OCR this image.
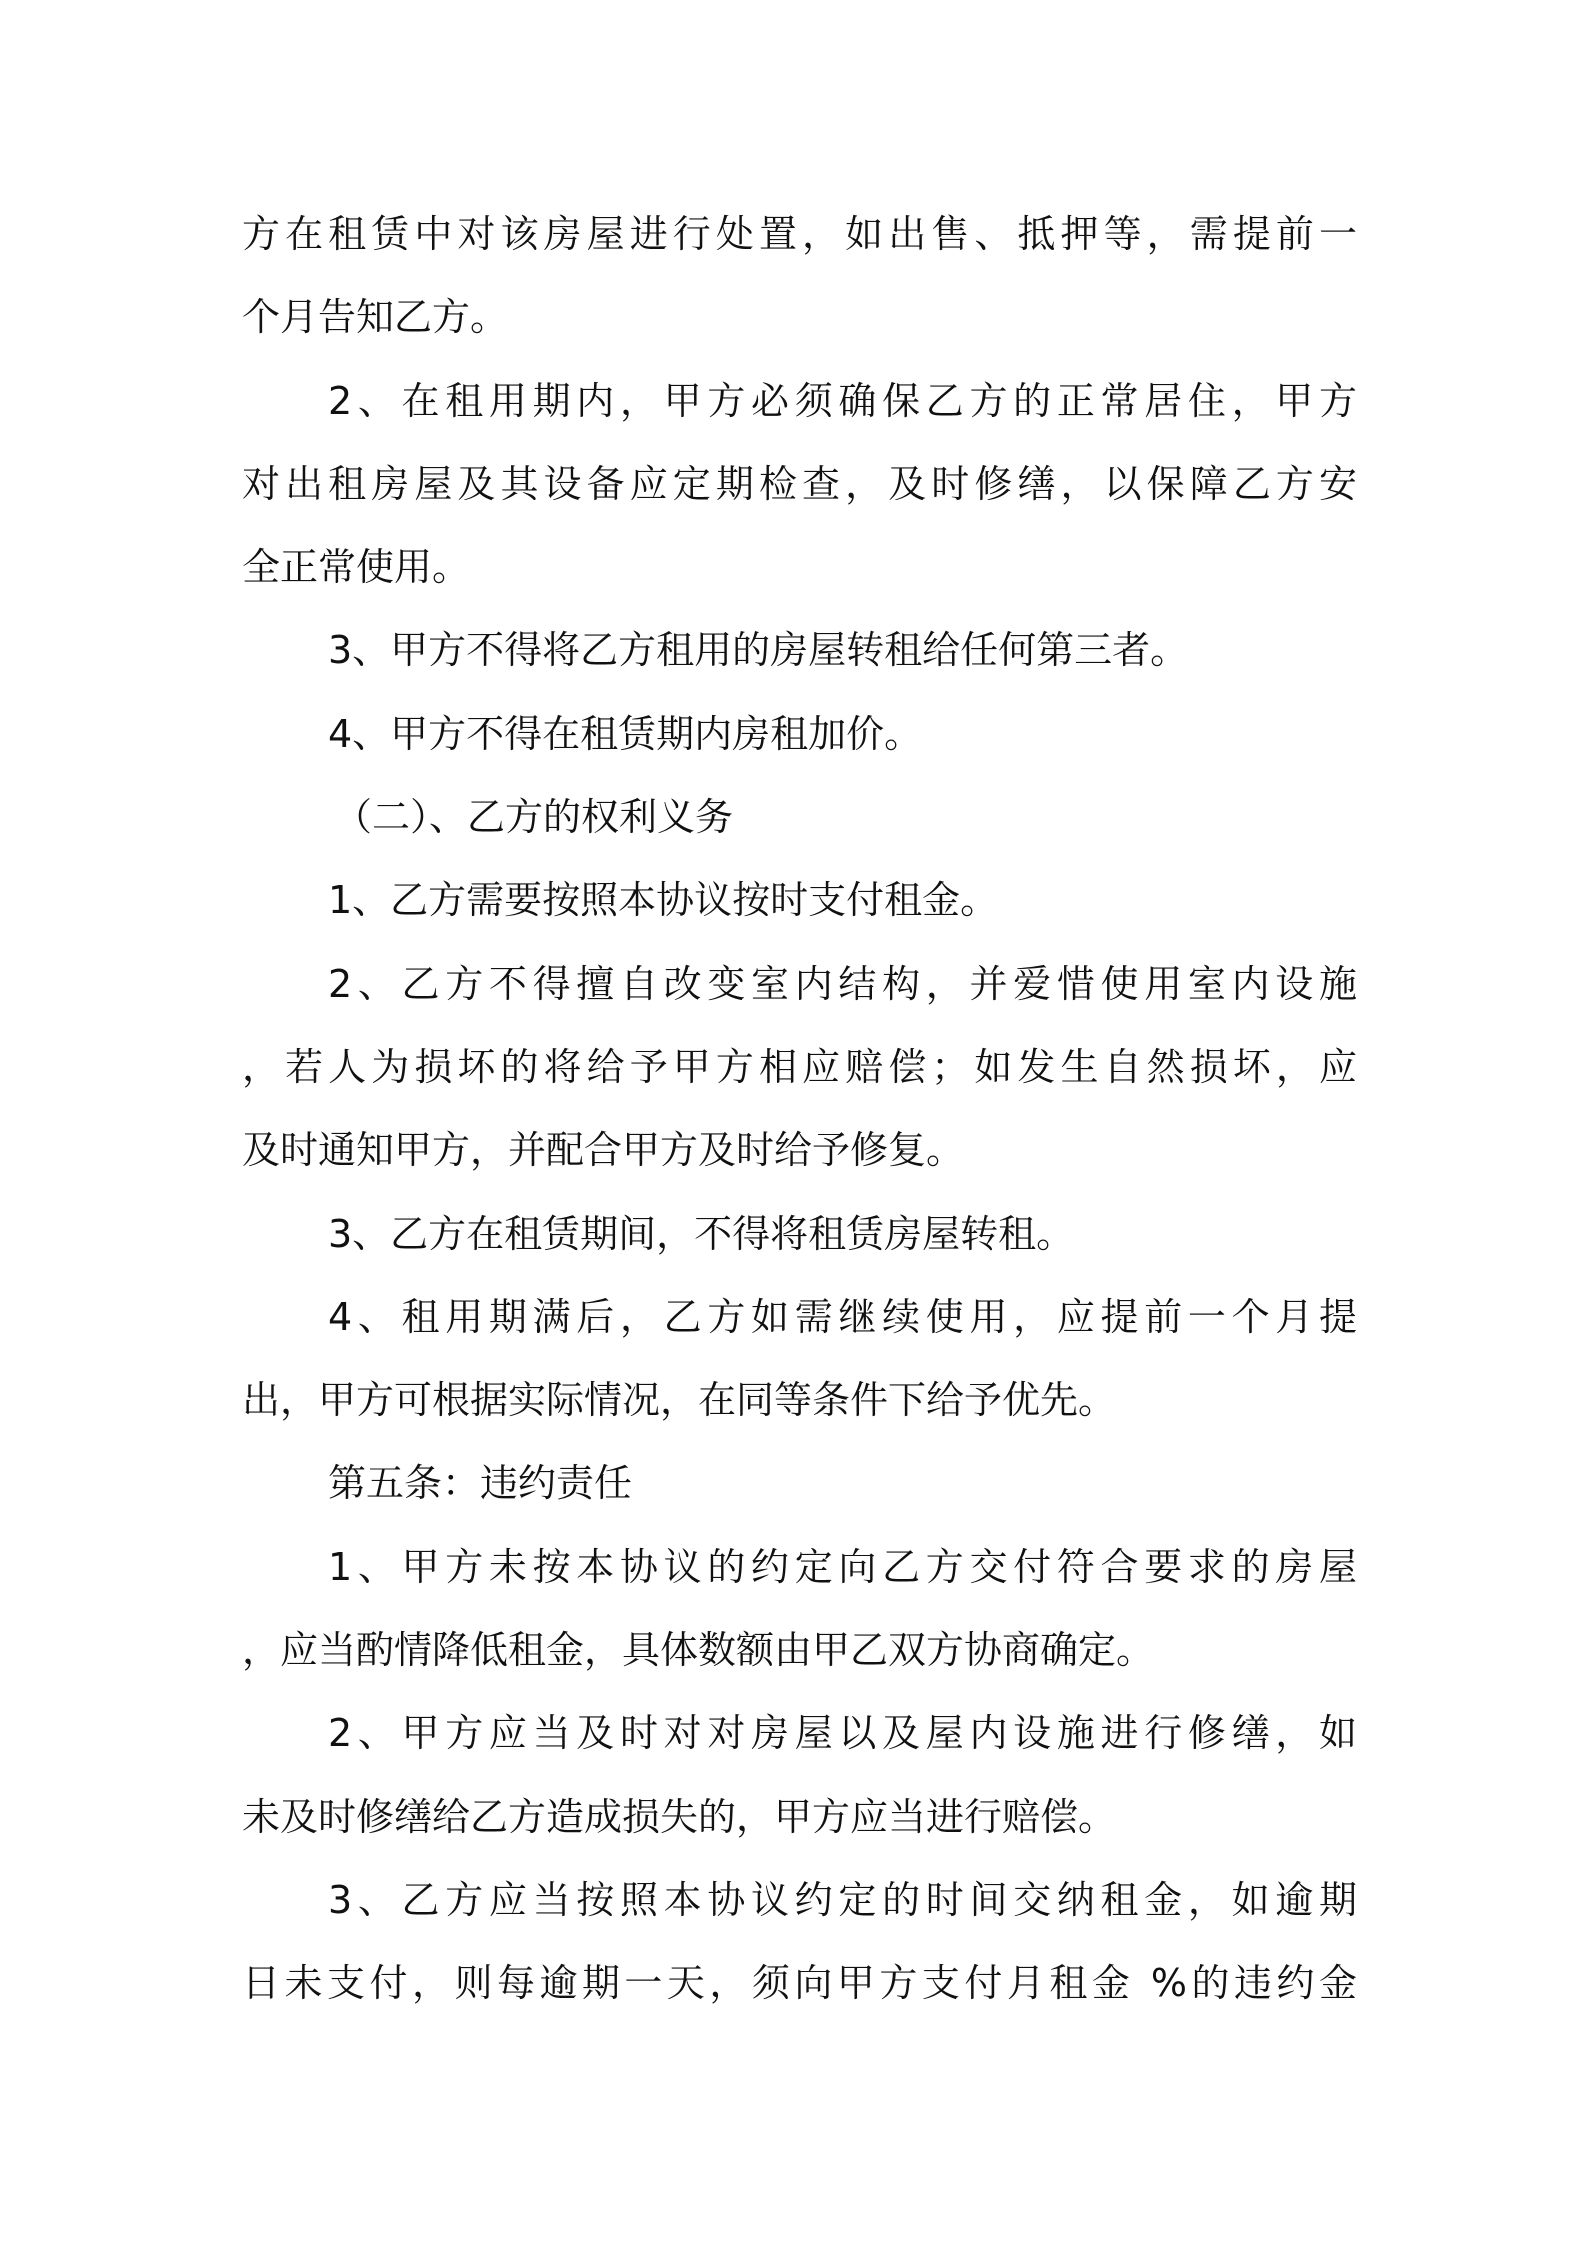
方在租赁中对该房屋进行处置，如出售、抵押等，需提前一
个月告知乙方。
2、在租用期内，甲方必须确保乙方的正常居住，甲方
对出租房屋及其设备应定期检查，及时修缮，以保障乙方安
全正常使用。
3、甲方不得将乙方租用的房屋转租给任何第三者。
4、甲方不得在租赁期内房租加价。
（二）、乙方的权利义务
1、乙方需要按照本协议按时支付租金。
2、乙方不得擅自改变室内结构，并爱惜使用室内设施
，若人为损坏的将给予甲方相应赔偿；如发生自然损坏，应
及时通知甲方，并配合甲方及时给予修复。
3、乙方在租赁期间，不得将租赁房屋转租。
4、租用期满后，乙方如需继续使用，应提前一个月提
出，甲方可根据实际情况，在同等条件下给予优先。
第五条：违约责任
1、甲方未按本协议的约定向乙方交付符合要求的房屋
，应当酌情降低租金，具体数额由甲乙双方协商确定。
2、甲方应当及时对对房屋以及屋内设施进行修缮，如
未及时修缮给乙方造成损失的，甲方应当进行赔偿。
3、乙方应当按照本协议约定的时间交纳租金，如逾期
日未支付，则每逾期一天，须向甲方支付月租金 %的违约金
